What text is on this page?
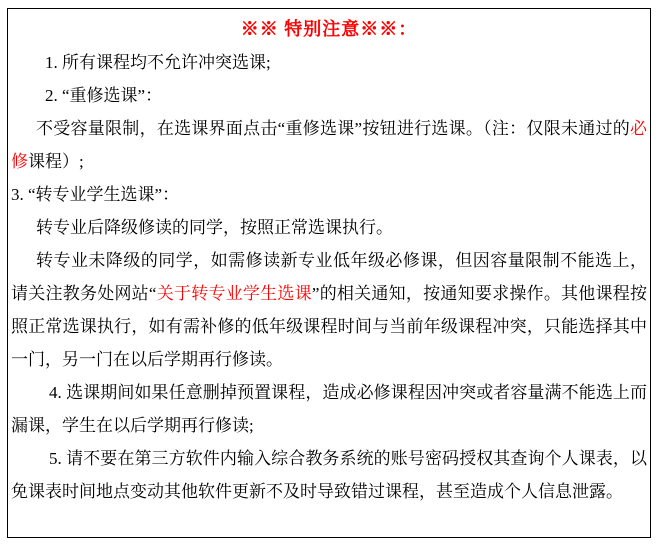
※※ 特别注意※※：

1. 所有课程均不允许冲突选课;

2. “重修选课”：

不受容量限制，在选课界面点击“重修选课”按钮进行选课。（注：仅限未通过的必修课程）;

3. “转专业学生选课”：

转专业后降级修读的同学，按照正常选课执行。

转专业未降级的同学，如需修读新专业低年级必修课，但因容量限制不能选上，请关注教务处网站“关于转专业学生选课”的相关通知，按通知要求操作。其他课程按照正常选课执行，如有需补修的低年级课程时间与当前年级课程冲突，只能选择其中一门，另一门在以后学期再行修读。

4. 选课期间如果任意删掉预置课程，造成必修课程因冲突或者容量满不能选上而漏课，学生在以后学期再行修读;

5. 请不要在第三方软件内输入综合教务系统的账号密码授权其查询个人课表，以免课表时间地点变动其他软件更新不及时导致错过课程，甚至造成个人信息泄露。
